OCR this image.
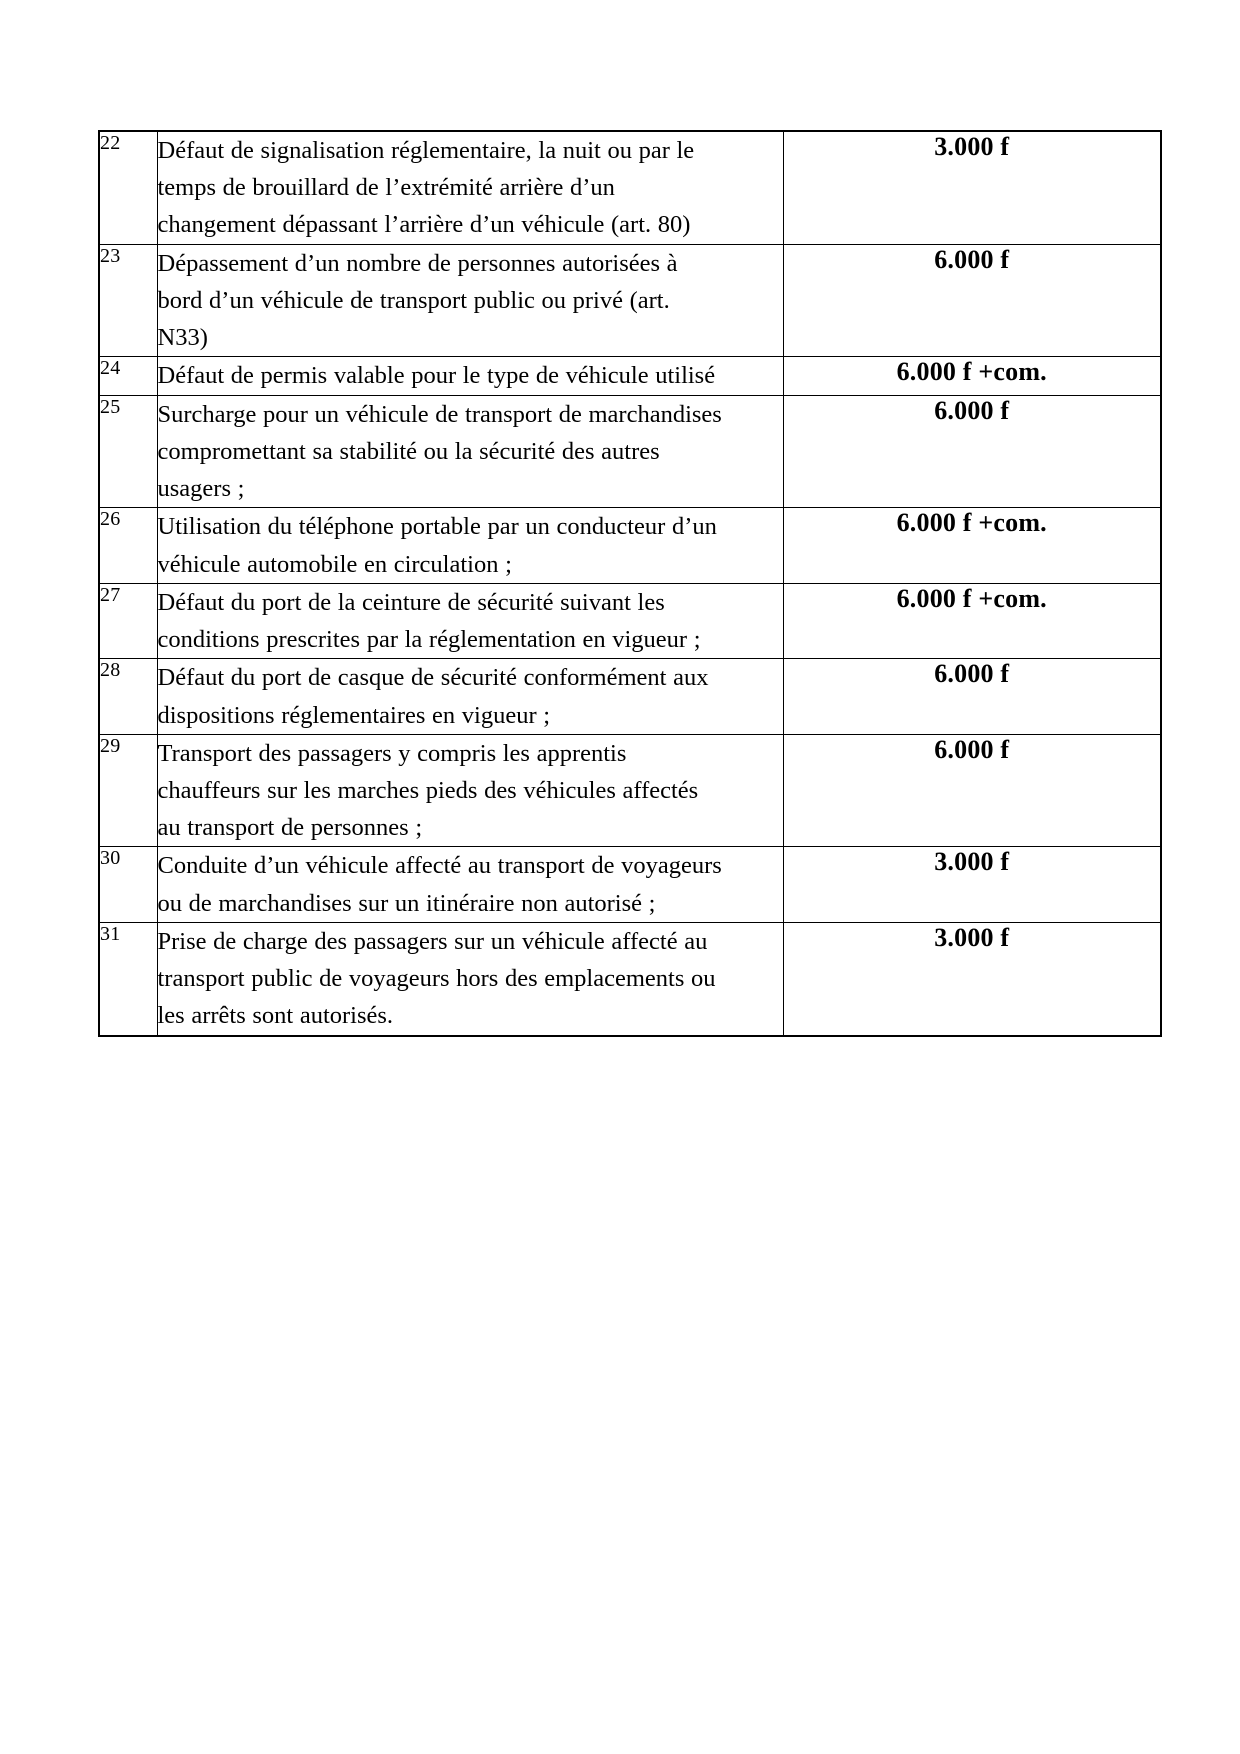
22	Défaut de signalisation réglementaire, la nuit ou par le
temps de brouillard de l’extrémité arrière d’un
changement dépassant l’arrière d’un véhicule (art. 80)	3.000 f
23	Dépassement d’un nombre de personnes autorisées à
bord d’un véhicule de transport public ou privé (art.
N33)	6.000 f
24	Défaut de permis valable pour le type de véhicule utilisé	6.000 f +com.
25	Surcharge pour un véhicule de transport de marchandises
compromettant sa stabilité ou la sécurité des autres
usagers ;	6.000 f
26	Utilisation du téléphone portable par un conducteur d’un
véhicule automobile en circulation ;	6.000 f +com.
27	Défaut du port de la ceinture de sécurité suivant les
conditions prescrites par la réglementation en vigueur ;	6.000 f +com.
28	Défaut du port de casque de sécurité conformément aux
dispositions réglementaires en vigueur ;	6.000 f
29	Transport des passagers y compris les apprentis
chauffeurs sur les marches pieds des véhicules affectés
au transport de personnes ;	6.000 f
30	Conduite d’un véhicule affecté au transport de voyageurs
ou de marchandises sur un itinéraire non autorisé ;	3.000 f
31	Prise de charge des passagers sur un véhicule affecté au
transport public de voyageurs hors des emplacements ou
les arrêts sont autorisés.	3.000 f
